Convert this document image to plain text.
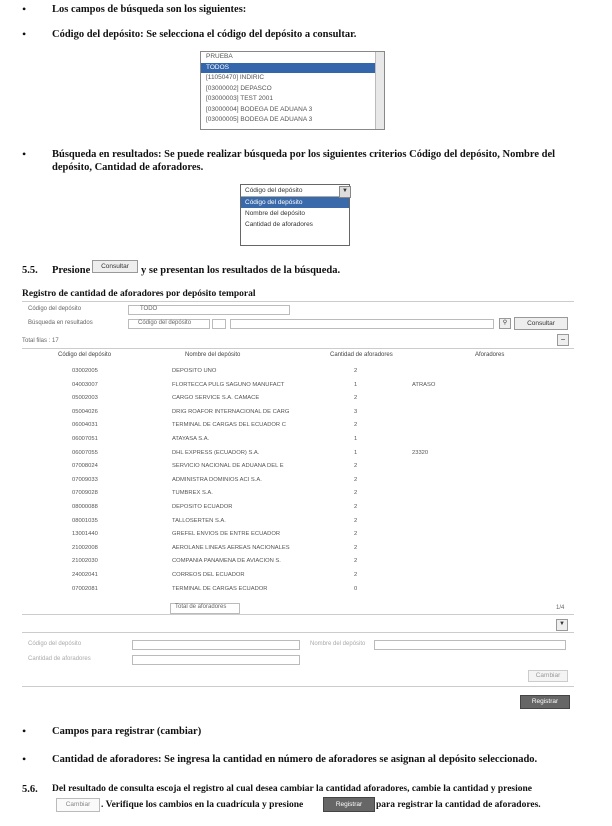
• Los campos de búsqueda son los siguientes:
• Código del depósito: Se selecciona el código del depósito a consultar.
PRUEBA
TODOS
[11050470] INDIRIC
[03000002] DEPASCO
[03000003] TEST 2001
[03000004] BODEGA DE ADUANA 3
[03000005] BODEGA DE ADUANA 3
• Búsqueda en resultados: Se puede realizar búsqueda por los siguientes criterios Código del depósito, Nombre del
depósito, Cantidad de aforadores.
Código del depósito	▼
Código del depósito
Nombre del depósito
Cantidad de aforadores
5.5. Presione	Consultar	y se presentan los resultados de la búsqueda.
Registro de cantidad de aforadores por depósito temporal
Código del depósito	TODO
Búsqueda en resultados	Código del depósito	⚲	Consultar
Total filas : 17	−
Código del depósito	Nombre del depósito	Cantidad de aforadores	Aforadores
03002005	DEPOSITO UNO	2
04003007	FLORTECCA PULG SAGUNO MANUFACT	1	ATRASO
05002003	CARGO SERVICE S.A. CAMACE	2
05004026	DRIG ROAFOR INTERNACIONAL DE CARG	3
06004031	TERMINAL DE CARGAS DEL ECUADOR C	2
06007051	ATAYASA S.A.	1
06007055	DHL EXPRESS (ECUADOR) S.A.	1	23320
07008024	SERVICIO NACIONAL DE ADUANA DEL E	2
07009033	ADMINISTRA DOMINIOS ACI S.A.	2
07009028	TUMBREX S.A.	2
08000088	DEPOSITO ECUADOR	2
08001035	TALLOSERTEN S.A.	2
13001440	GREFEL ENVIOS DE ENTRE ECUADOR	2
21002008	AEROLANE LINEAS AEREAS NACIONALES	2
21002030	COMPAÑIA PANAMEÑA DE AVIACION S.	2
24002041	CORREOS DEL ECUADOR	2
07002081	TERMINAL DE CARGAS ECUADOR	0
Total de aforadores	1/4
▼
Código del depósito	Nombre del depósito
Cantidad de aforadores
Cambiar
Registrar
• Campos para registrar (cambiar)
• Cantidad de aforadores: Se ingresa la cantidad en número de aforadores se asignan al depósito seleccionado.
5.6. Del resultado de consulta escoja el registro al cual desea cambiar la cantidad aforadores, cambie la cantidad y presione
Cambiar	. Verifique los cambios en la cuadrícula y presione	Registrar	para registrar la cantidad de aforadores.
